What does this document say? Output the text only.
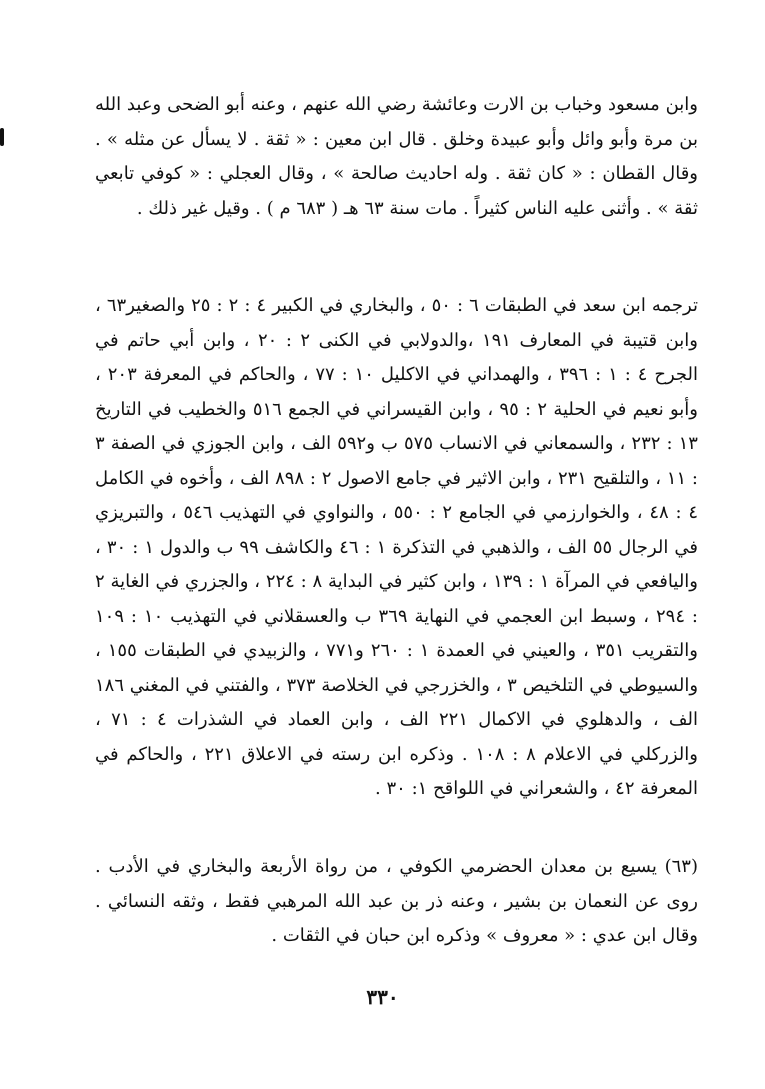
وابن مسعود وخباب بن الارت وعائشة رضي الله عنهم ، وعنه أبو الضحى وعبد الله بن مرة وأبو وائل وأبو عبيدة وخلق . قال ابن معين : « ثقة . لا يسأل عن مثله » . وقال القطان : « كان ثقة . وله احاديث صالحة » ، وقال العجلي : « كوفي تابعي ثقة » . وأثنى عليه الناس كثيراً . مات سنة ٦٣ هـ ( ٦٨٣ م ) . وقيل غير ذلك .

ترجمه ابن سعد في الطبقات ٦ : ٥٠ ، والبخاري في الكبير ٤ : ٢ : ٢٥ والصغير٦٣ ، وابن قتيبة في المعارف ١٩١ ،والدولابي في الكنى ٢ : ٢٠ ، وابن أبي حاتم في الجرح ٤ : ١ : ٣٩٦ ، والهمداني في الاكليل ١٠ : ٧٧ ، والحاكم في المعرفة ٢٠٣ ، وأبو نعيم في الحلية ٢ : ٩٥ ، وابن القيسراني في الجمع ٥١٦ والخطيب في التاريخ ١٣ : ٢٣٢ ، والسمعاني في الانساب ٥٧٥ ب و٥٩٢ الف ، وابن الجوزي في الصفة ٣ : ١١ ، والتلقيح ٢٣١ ، وابن الاثير في جامع الاصول ٢ : ٨٩٨ الف ، وأخوه في الكامل ٤ : ٤٨ ، والخوارزمي في الجامع ٢ : ٥٥٠ ، والنواوي في التهذيب ٥٤٦ ، والتبريزي في الرجال ٥٥ الف ، والذهبي في التذكرة ١ : ٤٦ والكاشف ٩٩ ب والدول ١ : ٣٠ ، واليافعي في المرآة ١ : ١٣٩ ، وابن كثير في البداية ٨ : ٢٢٤ ، والجزري في الغاية ٢ : ٢٩٤ ، وسبط ابن العجمي في النهاية ٣٦٩ ب والعسقلاني في التهذيب ١٠ : ١٠٩ والتقريب ٣٥١ ، والعيني في العمدة ١ : ٢٦٠ و٧٧١ ، والزبيدي في الطبقات ١٥٥ ، والسيوطي في التلخيص ٣ ، والخزرجي في الخلاصة ٣٧٣ ، والفتني في المغني ١٨٦ الف ، والدهلوي في الاكمال ٢٢١ الف ، وابن العماد في الشذرات ٤ : ٧١ ، والزركلي في الاعلام ٨ : ١٠٨ . وذكره ابن رسته في الاعلاق ٢٢١ ، والحاكم في المعرفة ٤٢ ، والشعراني في اللواقح ١: ٣٠ .

(٦٣) يسيع بن معدان الحضرمي الكوفي ، من رواة الأربعة والبخاري في الأدب . روى عن النعمان بن بشير ، وعنه ذر بن عبد الله المرهبي فقط ، وثقه النسائي . وقال ابن عدي : « معروف » وذكره ابن حبان في الثقات .

٣٣٠
